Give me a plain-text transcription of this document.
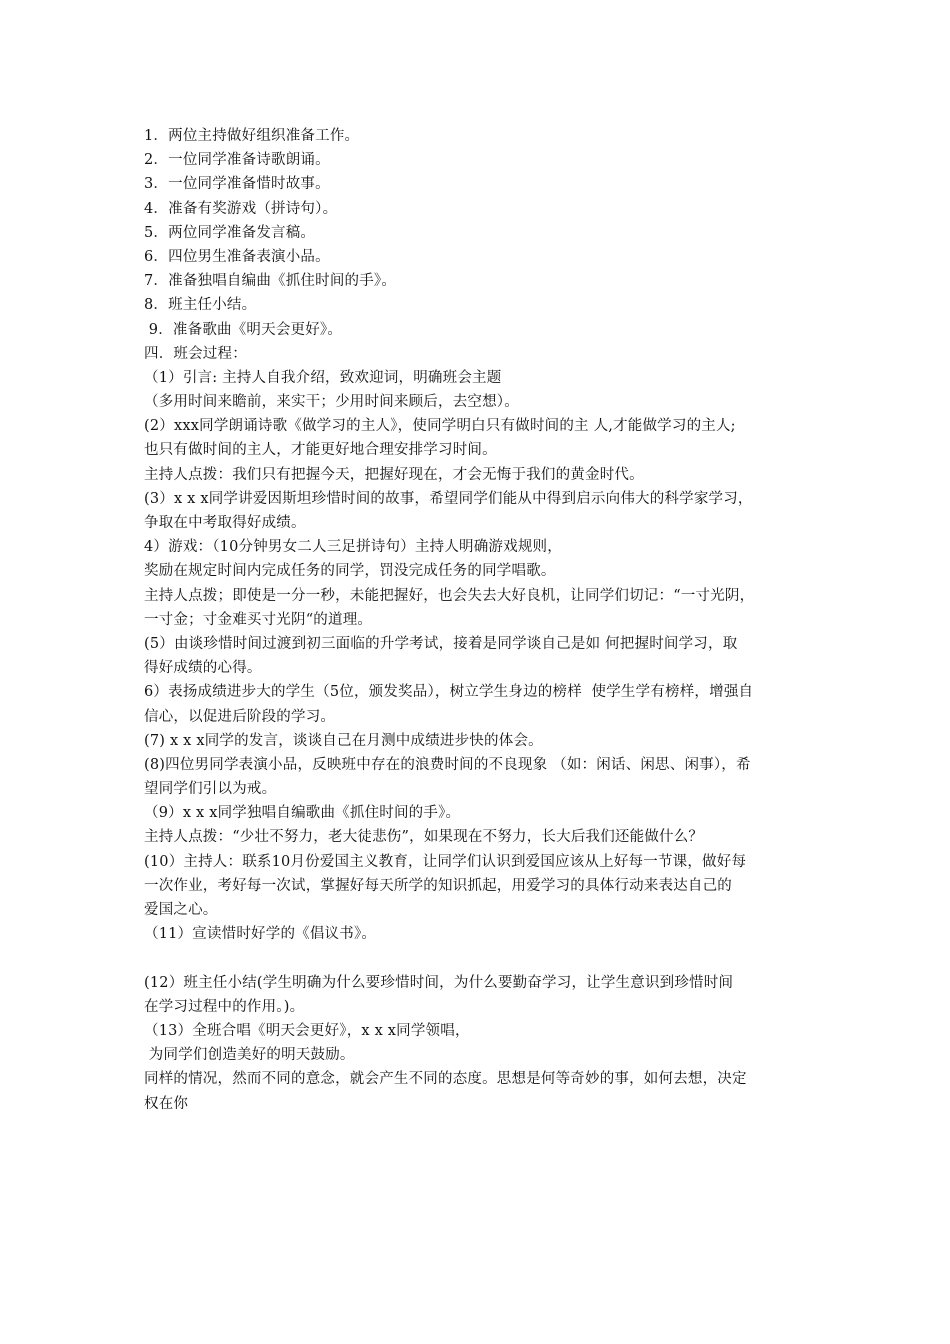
1．两位主持做好组织准备工作。
2．一位同学准备诗歌朗诵。
3．一位同学准备惜时故事。
4．准备有奖游戏（拼诗句）。
5．两位同学准备发言稿。
6．四位男生准备表演小品。
7．准备独唱自编曲《抓住时间的手》。
8．班主任小结。
9．准备歌曲《明天会更好》。
四．班会过程：
（1）引言: 主持人自我介绍，致欢迎词，明确班会主题
（多用时间来瞻前，来实干；少用时间来顾后，去空想）。
(2）xxx同学朗诵诗歌《做学习的主人》，使同学明白只有做时间的主 人,才能做学习的主人;
也只有做时间的主人，才能更好地合理安排学习时间。
主持人点拨：我们只有把握今天，把握好现在，才会无悔于我们的黄金时代。
(3）x x x同学讲爱因斯坦珍惜时间的故事，希望同学们能从中得到启示向伟大的科学家学习，
争取在中考取得好成绩。
4）游戏：（10分钟男女二人三足拼诗句）主持人明确游戏规则，
奖励在规定时间内完成任务的同学，罚没完成任务的同学唱歌。
主持人点拨；即使是一分一秒，未能把握好，也会失去大好良机，让同学们切记：“一寸光阴，
一寸金；寸金难买寸光阴“的道理。
(5）由谈珍惜时间过渡到初三面临的升学考试，接着是同学谈自己是如 何把握时间学习，取
得好成绩的心得。
6）表扬成绩进步大的学生（5位，颁发奖品），树立学生身边的榜样  使学生学有榜样，增强自
信心，以促进后阶段的学习。
(7) x x x同学的发言，谈谈自己在月测中成绩进步快的体会。
(8)四位男同学表演小品，反映班中存在的浪费时间的不良现象 （如：闲话、闲思、闲事），希
望同学们引以为戒。
（9）x x x同学独唱自编歌曲《抓住时间的手》。
主持人点拨：“少壮不努力，老大徒悲伤”，如果现在不努力，长大后我们还能做什么？
(10）主持人：联系10月份爱国主义教育，让同学们认识到爱国应该从上好每一节课，做好每
一次作业，考好每一次试，掌握好每天所学的知识抓起，用爱学习的具体行动来表达自己的
爱国之心。
（11）宣读惜时好学的《倡议书》。
(12）班主任小结(学生明确为什么要珍惜时间，为什么要勤奋学习，让学生意识到珍惜时间
在学习过程中的作用。)。
（13）全班合唱《明天会更好》，x x x同学领唱，
为同学们创造美好的明天鼓励。
同样的情况，然而不同的意念，就会产生不同的态度。思想是何等奇妙的事，如何去想，决定
权在你
